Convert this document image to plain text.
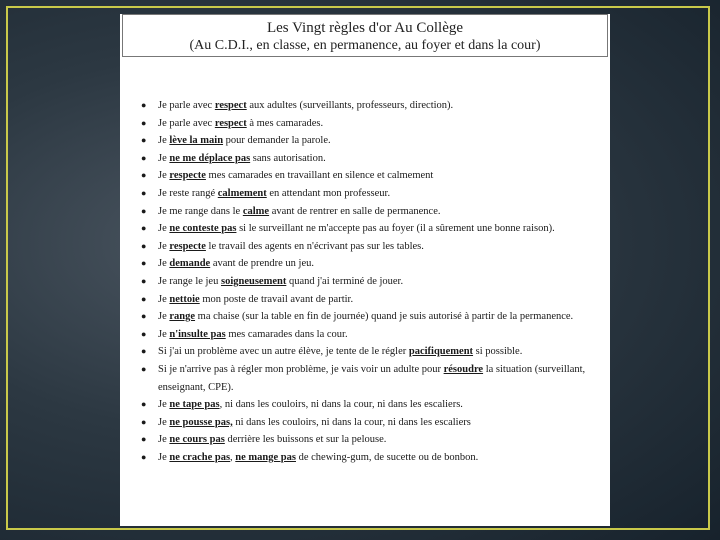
Les Vingt règles d'or Au Collège
(Au C.D.I., en classe, en permanence, au foyer et dans la cour)
● Je parle avec respect aux adultes (surveillants, professeurs, direction).
● Je parle avec respect à mes camarades.
● Je lève la main pour demander la parole.
● Je ne me déplace pas sans autorisation.
● Je respecte mes camarades en travaillant en silence et calmement
● Je reste rangé calmement en attendant mon professeur.
● Je me range dans le calme avant de rentrer en salle de permanence.
● Je ne conteste pas si le surveillant ne m'accepte pas au foyer (il a sûrement une bonne raison).
● Je respecte le travail des agents en n'écrivant pas sur les tables.
● Je demande avant de prendre un jeu.
● Je range le jeu soigneusement quand j'ai terminé de jouer.
● Je nettoie mon poste de travail avant de partir.
● Je range ma chaise (sur la table en fin de journée) quand je suis autorisé à partir de la permanence.
● Je n'insulte pas mes camarades dans la cour.
● Si j'ai un problème avec un autre élève, je tente de le régler pacifiquement si possible.
● Si je n'arrive pas à régler mon problème, je vais voir un adulte pour résoudre la situation (surveillant, enseignant, CPE).
● Je ne tape pas, ni dans les couloirs, ni dans la cour, ni dans les escaliers.
● Je ne pousse pas, ni dans les couloirs, ni dans la cour, ni dans les escaliers
● Je ne cours pas derrière les buissons et sur la pelouse.
● Je ne crache pas, ne mange pas de chewing-gum, de sucette ou de bonbon.
